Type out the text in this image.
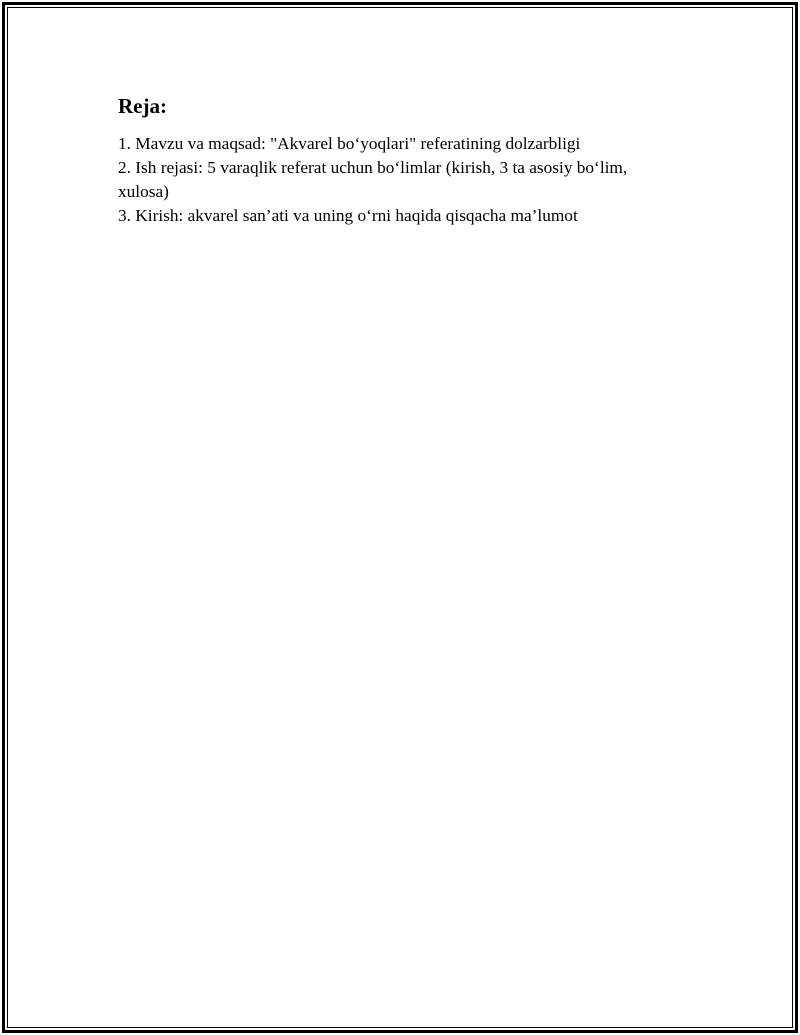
Reja:
1. Mavzu va maqsad: "Akvarel bo‘yoqlari" referatining dolzarbligi
2. Ish rejasi: 5 varaqlik referat uchun bo‘limlar (kirish, 3 ta asosiy bo‘lim, xulosa)
3. Kirish: akvarel san’ati va uning o‘rni haqida qisqacha ma’lumot
